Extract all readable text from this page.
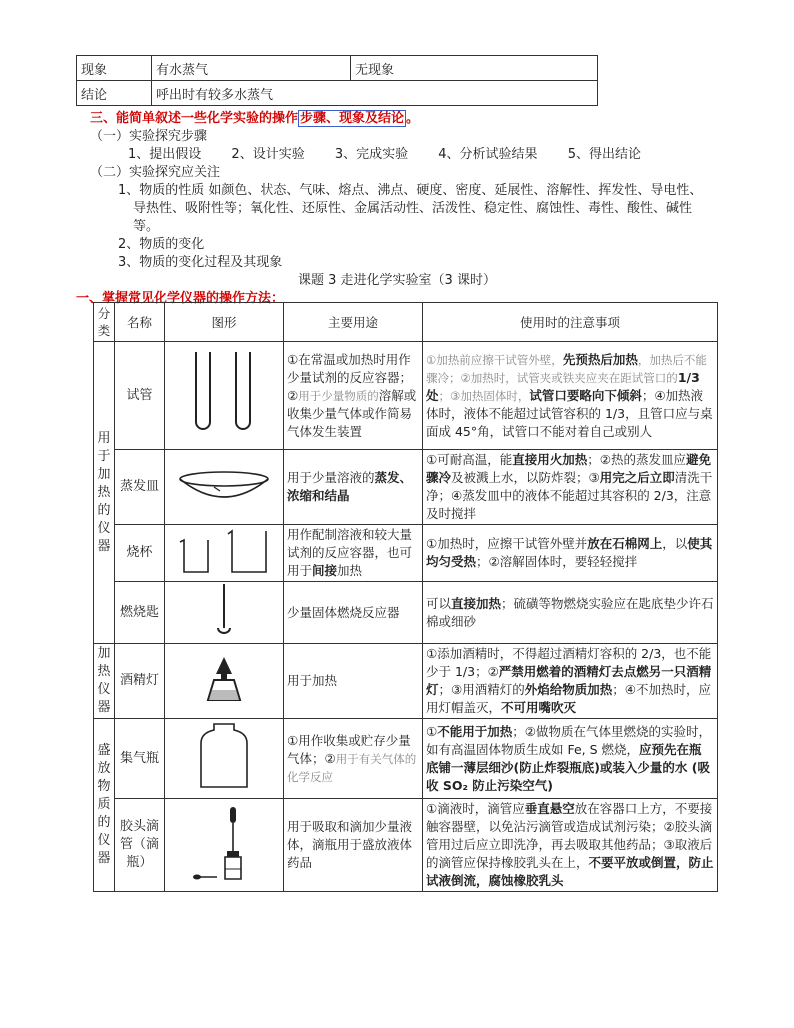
现象	有水蒸气	无现象
结论	呼出时有较多水蒸气	
三、能简单叙述一些化学实验的操作 步骤、现象及结论 。
（一）实验探究步骤
1、提出假设 2、设计实验 3、完成实验 4、分析试验结果 5、得出结论
（二）实验探究应关注
1、物质的性质 如颜色、状态、气味、熔点、沸点、硬度、密度、延展性、溶解性、挥发性、导电性、
导热性、吸附性等；氧化性、还原性、金属活动性、活泼性、稳定性、腐蚀性、毒性、酸性、碱性
等。
2、物质的变化
3、物质的变化过程及其现象
课题 3 走进化学实验室（3 课时）
一、掌握常见化学仪器的操作方法：
分类	名称	图形	主要用途	使用时的注意事项
用于加热的仪器	试管		①在常温或加热时用作少量试剂的反应容器；②用于少量物质的溶解或收集少量气体或作简易气体发生装置	①加热前应擦干试管外壁，先预热后加热，加热后不能骤冷；②加热时，试管夹或铁夹应夹在距试管口的1/3 处；③加热固体时，试管口要略向下倾斜；④加热液体时，液体不能超过试管容积的 1/3，且管口应与桌面成 45°角，试管口不能对着自己或别人
	蒸发皿		用于少量溶液的蒸发、浓缩和结晶	①可耐高温，能直接用火加热；②热的蒸发皿应避免骤冷及被溅上水，以防炸裂；③用完之后立即清洗干净；④蒸发皿中的液体不能超过其容积的 2/3，注意及时搅拌
	烧杯		用作配制溶液和较大量试剂的反应容器，也可用于间接加热	①加热时，应擦干试管外壁并放在石棉网上，以使其均匀受热；②溶解固体时，要轻轻搅拌
	燃烧匙		少量固体燃烧反应器	可以直接加热；硫磺等物燃烧实验应在匙底垫少许石棉或细砂
加热仪器	酒精灯		用于加热	①添加酒精时，不得超过酒精灯容积的 2/3，也不能少于 1/3；②严禁用燃着的酒精灯去点燃另一只酒精灯；③用酒精灯的外焰给物质加热；④不加热时，应用灯帽盖灭，不可用嘴吹灭
盛放物质的仪器	集气瓶		①用作收集或贮存少量气体；②用于有关气体的化学反应	①不能用于加热；②做物质在气体里燃烧的实验时，如有高温固体物质生成如 Fe, S 燃烧，应预先在瓶底铺一薄层细沙(防止炸裂瓶底)或装入少量的水 (吸收 SO₂ 防止污染空气)
	胶头滴管（滴瓶）		用于吸取和滴加少量液体，滴瓶用于盛放液体药品	①滴液时，滴管应垂直悬空放在容器口上方，不要接触容器壁，以免沾污滴管或造成试剂污染；②胶头滴管用过后应立即洗净，再去吸取其他药品；③取液后的滴管应保持橡胶乳头在上，不要平放或倒置，防止试液倒流，腐蚀橡胶乳头
